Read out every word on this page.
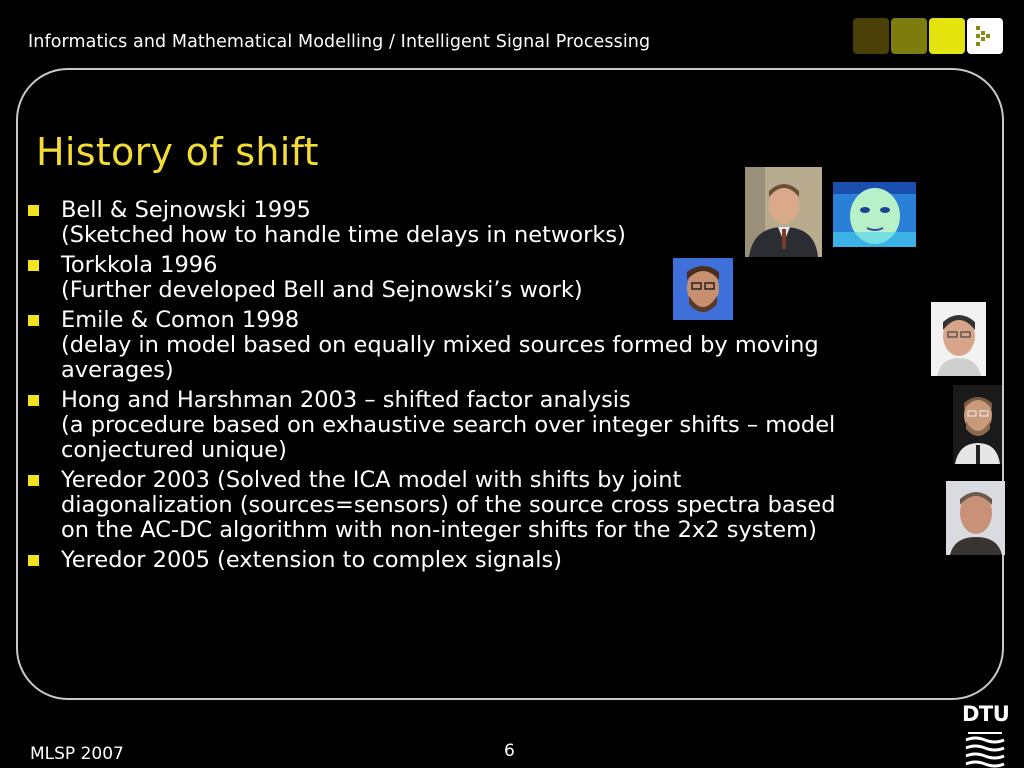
Informatics and Mathematical Modelling / Intelligent Signal Processing
History of shift
Bell & Sejnowski 1995
(Sketched how to handle time delays in networks)
Torkkola 1996
(Further developed Bell and Sejnowski’s work)
Emile & Comon 1998
(delay in model based on equally mixed sources formed by moving
averages)
Hong and Harshman 2003 – shifted factor analysis
(a procedure based on exhaustive search over integer shifts – model
conjectured unique)
Yeredor 2003 (Solved the ICA model with shifts by joint
diagonalization (sources=sensors) of the source cross spectra based
on the AC-DC algorithm with non-integer shifts for the 2x2 system)
Yeredor 2005 (extension to complex signals)
MLSP 2007	6
DTU
